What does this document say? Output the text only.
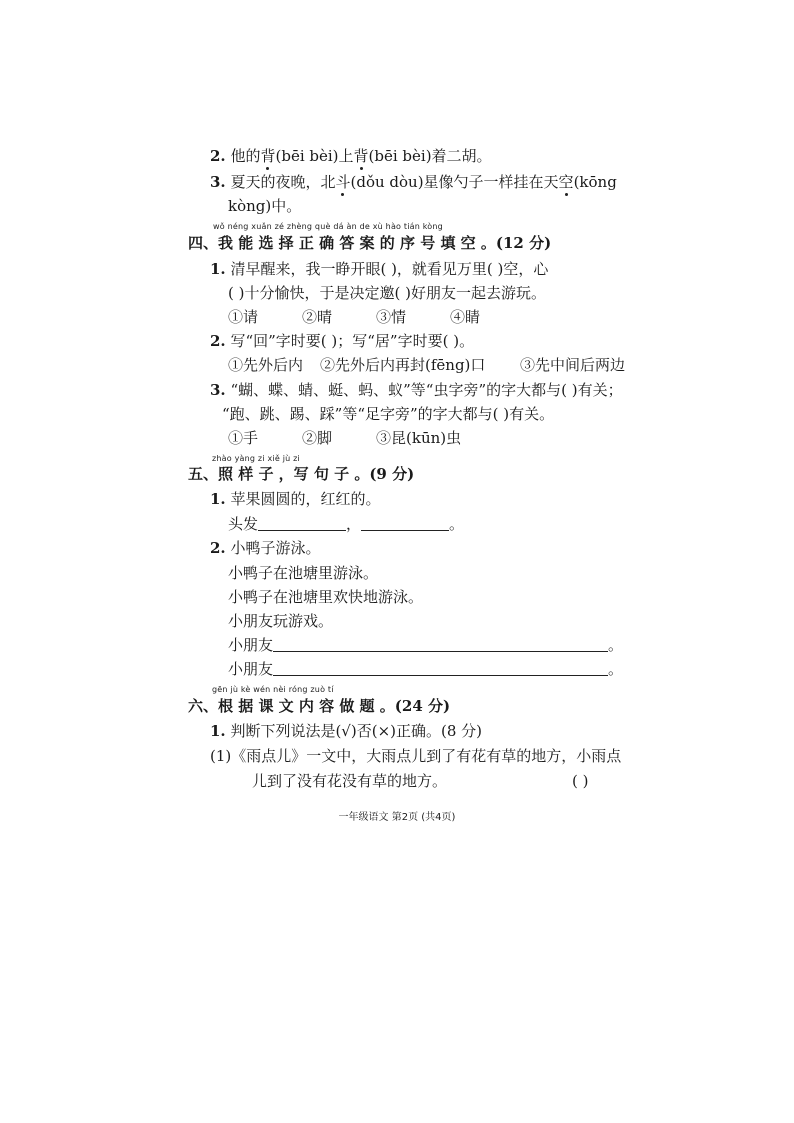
2. 他的背(bēi bèi)上背(bēi bèi)着二胡。
3. 夏天的夜晚，北斗(dǒu dòu)星像勺子一样挂在天空(kōng
kòng)中。
wǒ néng xuǎn zé zhèng què dá àn de xù hào tián kòng
四、我 能 选 择 正 确 答 案 的 序 号 填 空 。(12 分)
1. 清早醒来，我一睁开眼( )，就看见万里( )空，心
( )十分愉快，于是决定邀( )好朋友一起去游玩。
①请	②晴	③情	④睛
2. 写“回”字时要( )；写“居”字时要( )。
①先外后内 ②先外后内再封(fēng)口 ③先中间后两边
3. “蝴、蝶、蜻、蜓、蚂、蚁”等“虫字旁”的字大都与( )有关；
“跑、跳、踢、踩”等“足字旁”的字大都与( )有关。
①手	②脚	③昆(kūn)虫
zhào yàng zi xiě jù zi
五、照 样 子 ，写 句 子 。(9 分)
1. 苹果圆圆的，红红的。
头发	，	。
2. 小鸭子游泳。
小鸭子在池塘里游泳。
小鸭子在池塘里欢快地游泳。
小朋友玩游戏。
小朋友	。
小朋友	。
gēn jù kè wén nèi róng zuò tí
六、根 据 课 文 内 容 做 题 。(24 分)
1. 判断下列说法是(√)否(×)正确。(8 分)
(1)《雨点儿》一文中，大雨点儿到了有花有草的地方，小雨点
儿到了没有花没有草的地方。	( )
一年级语文 第2页 (共4页)
